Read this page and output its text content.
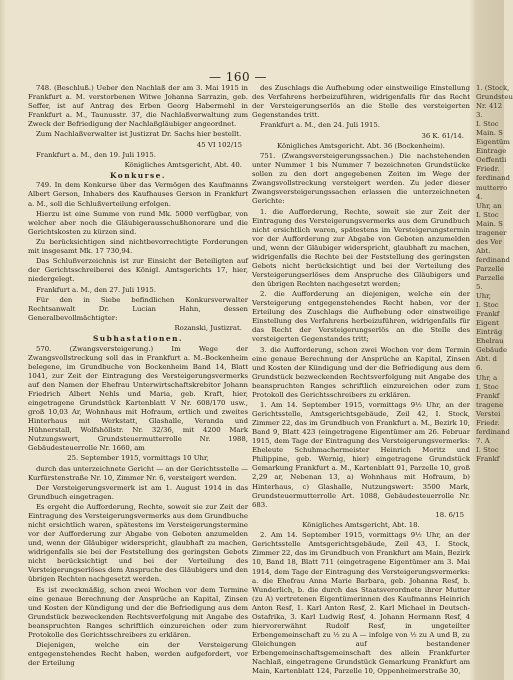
— 160 —

748. (Beschluß.) Ueber den Nachlaß der am 3. Mai 1915 in Frankfurt a. M. verstorbenen Witwe Johanna Sarrazin, geb. Seffer, ist auf Antrag des Erben Georg Habermehl in Frankfurt a. M., Taunusstr. 37, die Nachlaßverwaltung zum Zweck der Befriedigung der Nachlaßgläubiger angeordnet.

Zum Nachlaßverwalter ist Justizrat Dr. Sachs hier bestellt.

45 VI 102/15

Frankfurt a. M., den 19. Juli 1915.

Königliches Amtsgericht, Abt. 40.

Konkurse.

749. In dem Konkurse über das Vermögen des Kaufmanns Albert Gerson, Inhabers des Kaufhauses Gerson in Frankfurt a. M., soll die Schlußverteilung erfolgen.

Hierzu ist eine Summe von rund Mk. 5000 verfügbar, von welcher aber noch die Gläubigerausschußhonorare und die Gerichtskosten zu kürzen sind.

Zu berücksichtigen sind nichtbevorrechtigte Forderungen mit insgesamt Mk. 17 730,94.

Das Schlußverzeichnis ist zur Einsicht der Beteiligten auf der Gerichtsschreiberei des Königl. Amtsgerichts 17, hier, niedergelegt.

Frankfurt a. M., den 27. Juli 1915.

Für den in Siebe befindlichen Konkursverwalter Rechtsanwalt Dr. Lucian Hahn, dessen Generalbevollmächtigter:

Rozanski, Justizrat.

Subhastationen.

570. (Zwangsversteigerung.) Im Wege der Zwangsvollstreckung soll das in Frankfurt a. M.-Bockenheim belegene, im Grundbuche von Bockenheim Band 14, Blatt 1041, zur Zeit der Eintragung des Versteigerungsvermerks auf den Namen der Ehefrau Unterwirtschaftskrebitor Johann Friedrich Albert Nehls und Maria, geb. Kraft, hier, eingetragene Grundstück Kartenblatt V Nr. 608/170 usw., groß 10,03 Ar, Wohnhaus mit Hofraum, ertlich und zweites Hinterhaus mit Werkstatt, Glashalle, Veranda und Hühnerstall, Wolfshöllstr. Nr. 32/36, mit 4200 Mark Nutzungswert, Grundsteuermutterrolle Nr. 1988, Gebäudesteuerrolle Nr. 1660, am

25. September 1915, vormittags 10 Uhr,

durch das unterzeichnete Gericht — an der Gerichtsstelle — Kurfürstenstraße Nr. 10, Zimmer Nr. 6, versteigert werden.

Der Versteigerungsvermerk ist am 1. August 1914 in das Grundbuch eingetragen.

Es ergeht die Aufforderung, Rechte, soweit sie zur Zeit der Eintragung des Versteigerungsvermerks aus dem Grundbuche nicht ersichtlich waren, spätestens im Versteigerungstermine vor der Aufforderung zur Abgabe von Geboten anzumelden und, wenn der Gläubiger widerspricht, glaubhaft zu machen, widrigenfalls sie bei der Feststellung des geringsten Gebots nicht berücksichtigt und bei der Verteilung des Versteigerungserlöses dem Anspruche des Gläubigers und den übrigen Rechten nachgesetzt werden.

Es ist zweckmäßig, schon zwei Wochen vor dem Termine eine genaue Berechnung der Ansprüche an Kapital, Zinsen und Kosten der Kündigung und der die Befriedigung aus dem Grundstück bezweckenden Rechtsverfolgung mit Angabe des beanspruchten Ranges schriftlich einzureichen oder zum Protokolle des Gerichtsschreibers zu erklären.

Diejenigen, welche ein der Versteigerung entgegenstehendes Recht haben, werden aufgefordert, vor der Erteilung

des Zuschlags die Aufhebung oder einstweilige Einstellung des Verfahrens herbeizuführen, widrigenfalls für das Recht der Versteigerungserlös an die Stelle des versteigerten Gegenstandes tritt.

Frankfurt a. M., den 24. Juli 1915.

36 K. 61/14.

Königliches Amtsgericht. Abt. 36 (Bockenheim).

751. (Zwangsversteigerungssachen.) Die nachstehenden unter Nummer 1 bis Nummer 7 bezeichneten Grundstücke sollen zu den dort angegebenen Zeiten im Wege der Zwangsvollstreckung versteigert werden. Zu jeder dieser Zwangsversteigerungssachen erlassen die unterzeichneten Gerichte:

1. die Aufforderung, Rechte, soweit sie zur Zeit der Eintragung des Versteigerungsvermerks aus dem Grundbuch nicht ersichtlich waren, spätestens im Versteigerungstermin vor der Aufforderung zur Abgabe von Geboten anzumelden und, wenn der Gläubiger widerspricht, glaubhaft zu machen, widrigenfalls die Rechte bei der Feststellung des geringsten Gebots nicht berücksichtigt und bei der Verteilung des Versteigerungserlöses dem Anspruche des Gläubigers und den übrigen Rechten nachgesetzt werden;

2. die Aufforderung an diejenigen, welche ein der Versteigerung entgegenstehendes Recht haben, vor der Erteilung des Zuschlags die Aufhebung oder einstweilige Einstellung des Verfahrens herbeizuführen, widrigenfalls für das Recht der Versteigerungserlös an die Stelle des versteigerten Gegenstandes tritt;

3. die Aufforderung, schon zwei Wochen vor dem Termin eine genaue Berechnung der Ansprüche an Kapital, Zinsen und Kosten der Kündigung und der die Befriedigung aus dem Grundstück bezweckenden Rechtsverfolgung mit Angabe des beanspruchten Ranges schriftlich einzureichen oder zum Protokoll des Gerichtsschreibers zu erklären.

1. Am 14. September 1915, vormittags 9½ Uhr, an der Gerichtsstelle, Amtsgerichtsgebäude, Zeil 42, I. Stock, Zimmer 22, das im Grundbuch von Frankfurt a. M., Bezirk 10, Band 9, Blatt 423 (eingetragene Eigentümer am 26. Februar 1915, dem Tage der Eintragung des Versteigerungsvermerks: Eheleute Schuhmachermeister Heinrich Moritz und Philippine, geb. Wernig, hier) eingetragene Grundstück Gemarkung Frankfurt a. M., Kartenblatt 91, Parzelle 10, groß 2,29 ar, Nebenan 13, a) Wohnhaus mit Hofraum, b) Hinterhaus, c) Glashalle, Nutzungswert: 3500 Mark, Grundsteuermutterrolle Art. 1088, Gebäudesteuerrolle Nr. 683.

18. 6/15

Königliches Amtsgericht, Abt. 18.

2. Am 14. September 1915, vormittags 9½ Uhr, an der Gerichtsstelle Amtsgerichtsgebäude, Zeil 43, I. Stock, Zimmer 22, das im Grundbuch von Frankfurt am Main, Bezirk 10, Band 18, Blatt 711 (eingetragene Eigentümer am 3. Mai 1914, dem Tage der Eintragung des Versteigerungsvermerks: a. die Ehefrau Anna Marie Barbara, geb. Johanna Resf, b. Wunderlich, b. die durch das Staatsverordnete ihrer Mutter (zu A) vertretenen Eigentümerinnen des Kaufmanns Heinrich Anton Resf, 1. Karl Anton Resf, 2. Karl Michael in Deutsch-Ostafrika, 3. Karl Ludwig Resf, 4. Johann Hermann Resf, 4 hiervorerwähnt Rudolf Resf, in ungeteilter Erbengemeinschaft zu ½ zu A — infolge von ½ zu A und B, zu Gleichungen auf bestandener Erbengemeinschaftsgemeinschaft des allein Frankfurter Nachlaß, eingetragene Grundstück Gemarkung Frankfurt am Main, Kartenblatt 124, Parzelle 10, Oppenheimerstraße 30,

1. (Stock,
Grundsteu
Nr. 412
3.
I. Stoc
Main. S
Eigentüm
Eintrage
Oeffentli
Friedr.
ferdinand
mutterro
4.
Uhr, an
I. Stoc
Main. S
tragener
des Ver
Abt.
ferdinand
Parzelle
Parzelle
5.
Uhr,
I. Stoc
Frankf
Eigent
Einträg
Ehelrau
Gebäude
Abt. d
6.
Uhr, a
I. Stoc
Frankf
tragene
Verstei
Friedr.
ferdinand
7. A
I. Stoc
Frankf
